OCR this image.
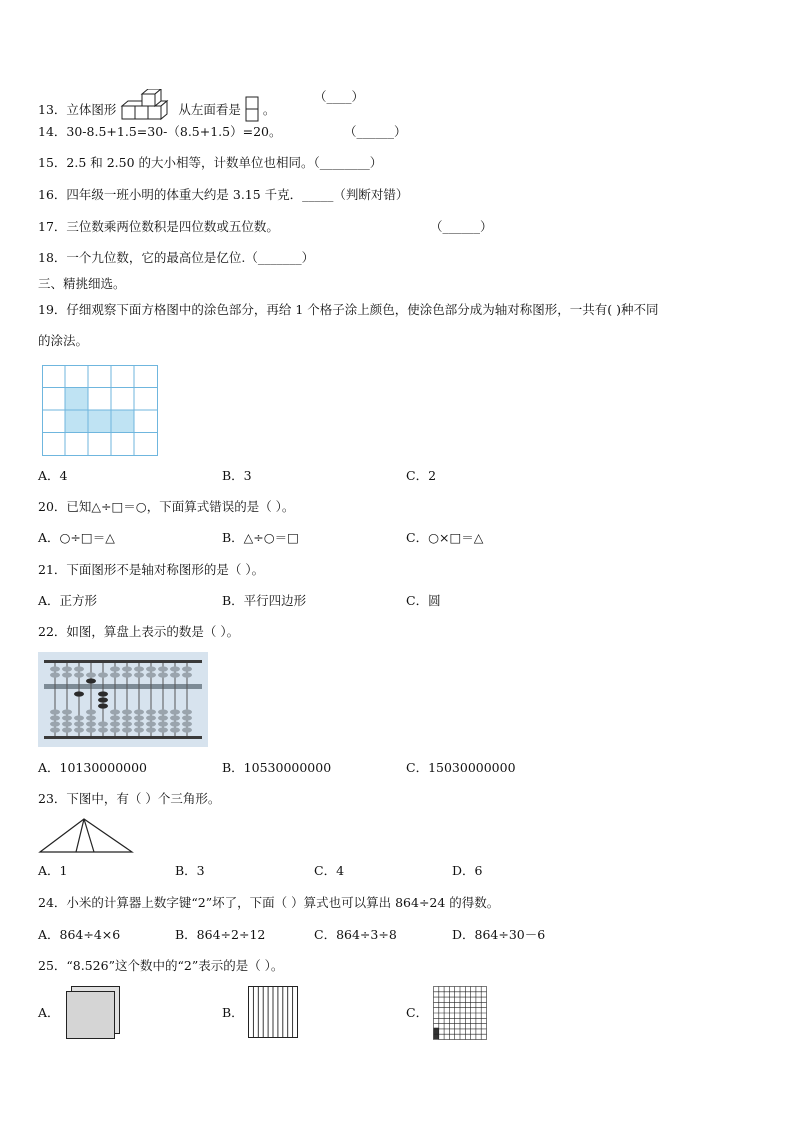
13．立体图形	从左面看是 。
（____）
14．30-8.5+1.5=30-（8.5+1.5）=20。	（______）
15．2.5 和 2.50 的大小相等，计数单位也相同。（________）
16．四年级一班小明的体重大约是 3.15 千克．_____（判断对错）
17．三位数乘两位数积是四位数或五位数。	（______）
18．一个九位数，它的最高位是亿位.（_______）
三、精挑细选。
19．仔细观察下面方格图中的涂色部分，再给 1 个格子涂上颜色，使涂色部分成为轴对称图形，一共有( )种不同
的涂法。
A．4	B．3	C．2
20．已知△÷□＝○，下面算式错误的是（ ）。
A．○÷□＝△	B．△÷○＝□	C．○×□＝△
21．下面图形不是轴对称图形的是（ ）。
A．正方形	B．平行四边形	C．圆
22．如图，算盘上表示的数是（ ）。
A．10130000000	B．10530000000	C．15030000000
23．下图中，有（ ）个三角形。
A．1	B．3	C．4	D．6
24．小米的计算器上数字键“2”坏了，下面（ ）算式也可以算出 864÷24 的得数。
A．864÷4×6	B．864÷2÷12	C．864÷3÷8	D．864÷30－6
25．“8.526”这个数中的“2”表示的是（ ）。
A．	B．	C．
